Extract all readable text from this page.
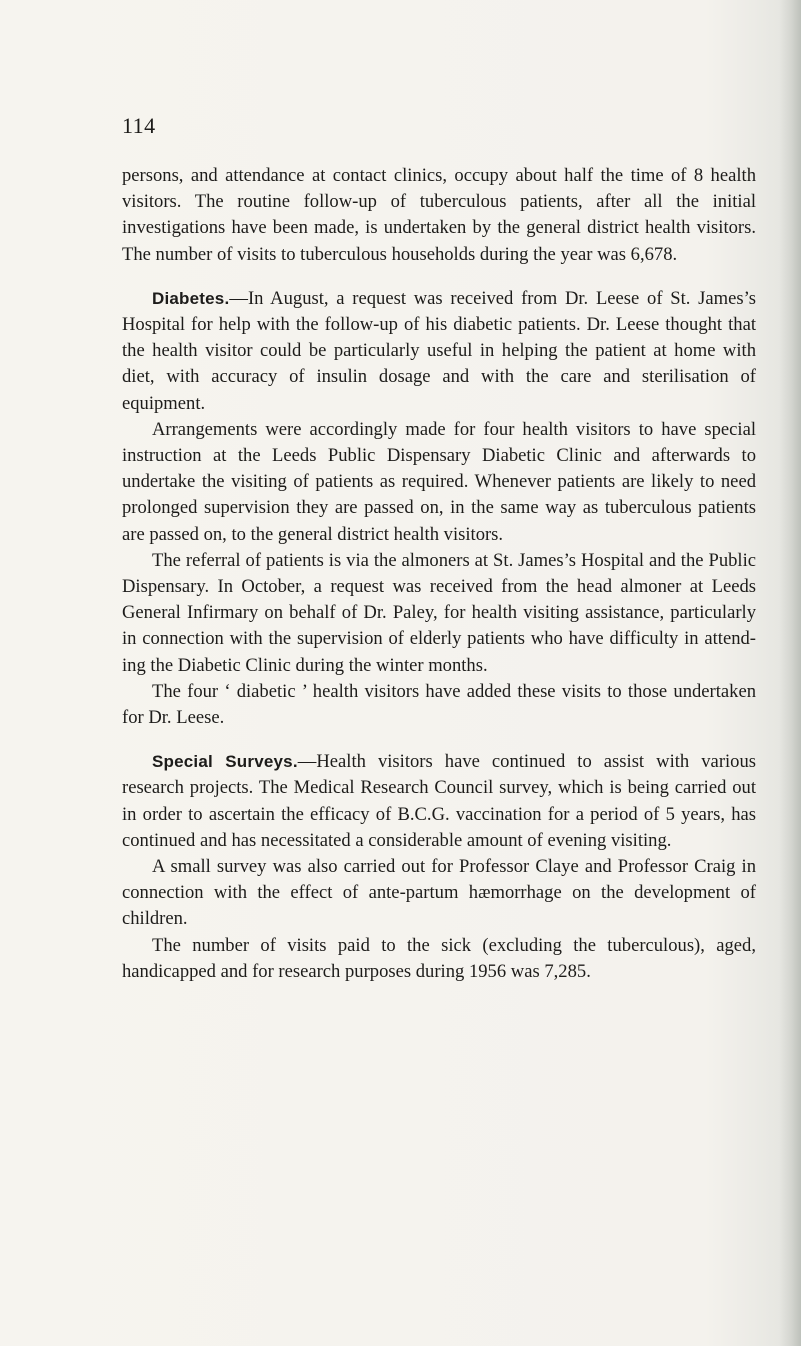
114

persons, and attendance at contact clinics, occupy about half the time of 8 health visitors. The routine follow-up of tuberculous patients, after all the initial investigations have been made, is undertaken by the general district health visitors. The number of visits to tuberculous households during the year was 6,678.

Diabetes.—In August, a request was received from Dr. Leese of St. James’s Hospital for help with the follow-up of his diabetic patients. Dr. Leese thought that the health visitor could be particularly useful in helping the patient at home with diet, with accuracy of insulin dosage and with the care and sterilisation of equipment.

Arrangements were accordingly made for four health visitors to have special instruction at the Leeds Public Dispensary Diabetic Clinic and afterwards to undertake the visiting of patients as required. Whenever patients are likely to need prolonged supervision they are passed on, in the same way as tuberculous patients are passed on, to the general district health visitors.

The referral of patients is via the almoners at St. James’s Hospital and the Public Dispensary. In October, a request was received from the head almoner at Leeds General Infirmary on behalf of Dr. Paley, for health visiting assistance, particularly in connection with the supervision of elderly patients who have difficulty in attending the Diabetic Clinic during the winter months.

The four ‘ diabetic ’ health visitors have added these visits to those undertaken for Dr. Leese.

Special Surveys.—Health visitors have continued to assist with various research projects. The Medical Research Council survey, which is being carried out in order to ascertain the efficacy of B.C.G. vaccination for a period of 5 years, has continued and has necessitated a considerable amount of evening visiting.

A small survey was also carried out for Professor Claye and Professor Craig in connection with the effect of ante-partum hæmorrhage on the development of children.

The number of visits paid to the sick (excluding the tuberculous), aged, handicapped and for research purposes during 1956 was 7,285.
